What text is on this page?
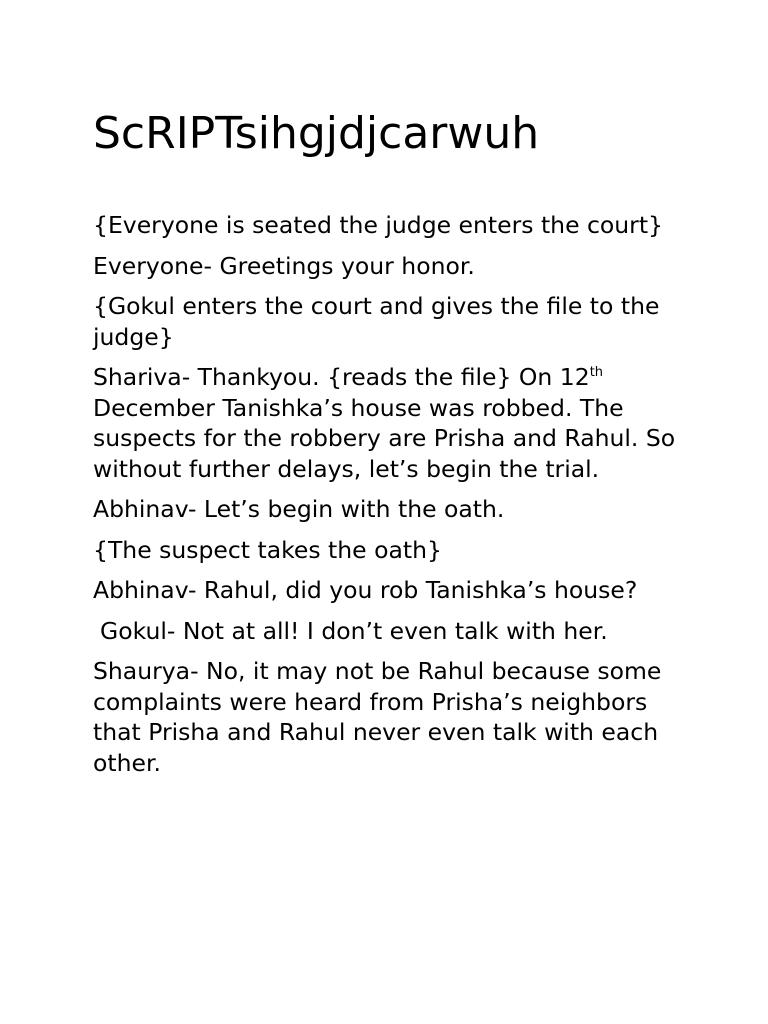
ScRIPTsihgjdjcarwuh

{Everyone is seated the judge enters the court}

Everyone- Greetings your honor.

{Gokul enters the court and gives the file to the judge}

Shariva- Thankyou. {reads the file} On 12th December Tanishka’s house was robbed. The suspects for the robbery are Prisha and Rahul. So without further delays, let’s begin the trial.

Abhinav- Let’s begin with the oath.

{The suspect takes the oath}

Abhinav- Rahul, did you rob Tanishka’s house?

Gokul- Not at all! I don’t even talk with her.

Shaurya- No, it may not be Rahul because some complaints were heard from Prisha’s neighbors that Prisha and Rahul never even talk with each other.
